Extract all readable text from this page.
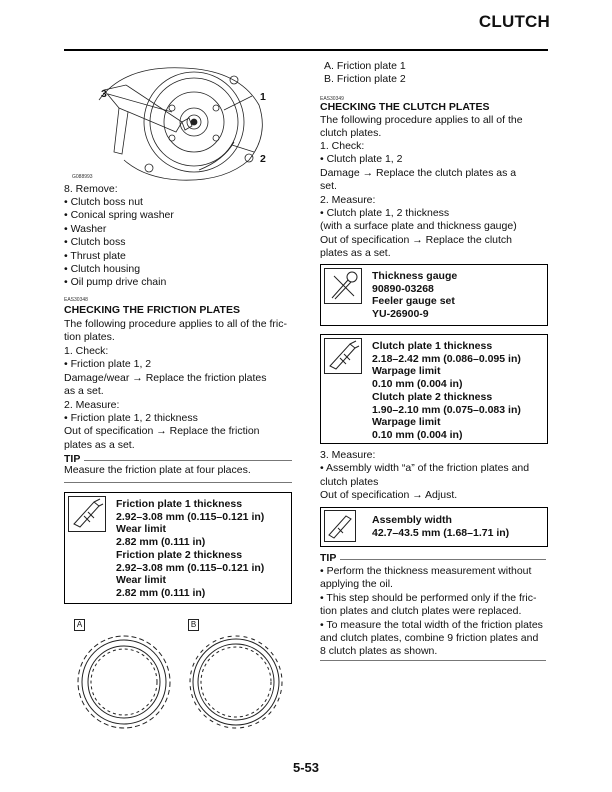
CLUTCH
3	1
2
G088993
8. Remove:
• Clutch boss nut
• Conical spring washer
• Washer
• Clutch boss
• Thrust plate
• Clutch housing
• Oil pump drive chain
EAS30348
CHECKING THE FRICTION PLATES
The following procedure applies to all of the fric-
tion plates.
1. Check:
• Friction plate 1, 2
Damage/wear → Replace the friction plates
as a set.
2. Measure:
• Friction plate 1, 2 thickness
Out of specification → Replace the friction
plates as a set.
TIP
Measure the friction plate at four places.
Friction plate 1 thickness
2.92–3.08 mm (0.115–0.121 in)
Wear limit
2.82 mm (0.111 in)
Friction plate 2 thickness
2.92–3.08 mm (0.115–0.121 in)
Wear limit
2.82 mm (0.111 in)
A	B
A. Friction plate 1
B. Friction plate 2
EAS30349
CHECKING THE CLUTCH PLATES
The following procedure applies to all of the
clutch plates.
1. Check:
• Clutch plate 1, 2
Damage → Replace the clutch plates as a
set.
2. Measure:
• Clutch plate 1, 2 thickness
(with a surface plate and thickness gauge)
Out of specification → Replace the clutch
plates as a set.
Thickness gauge
90890-03268
Feeler gauge set
YU-26900-9
Clutch plate 1 thickness
2.18–2.42 mm (0.086–0.095 in)
Warpage limit
0.10 mm (0.004 in)
Clutch plate 2 thickness
1.90–2.10 mm (0.075–0.083 in)
Warpage limit
0.10 mm (0.004 in)
3. Measure:
• Assembly width “a” of the friction plates and
clutch plates
Out of specification → Adjust.
Assembly width
42.7–43.5 mm (1.68–1.71 in)
TIP
• Perform the thickness measurement without
applying the oil.
• This step should be performed only if the fric-
tion plates and clutch plates were replaced.
• To measure the total width of the friction plates
and clutch plates, combine 9 friction plates and
8 clutch plates as shown.
5-53
